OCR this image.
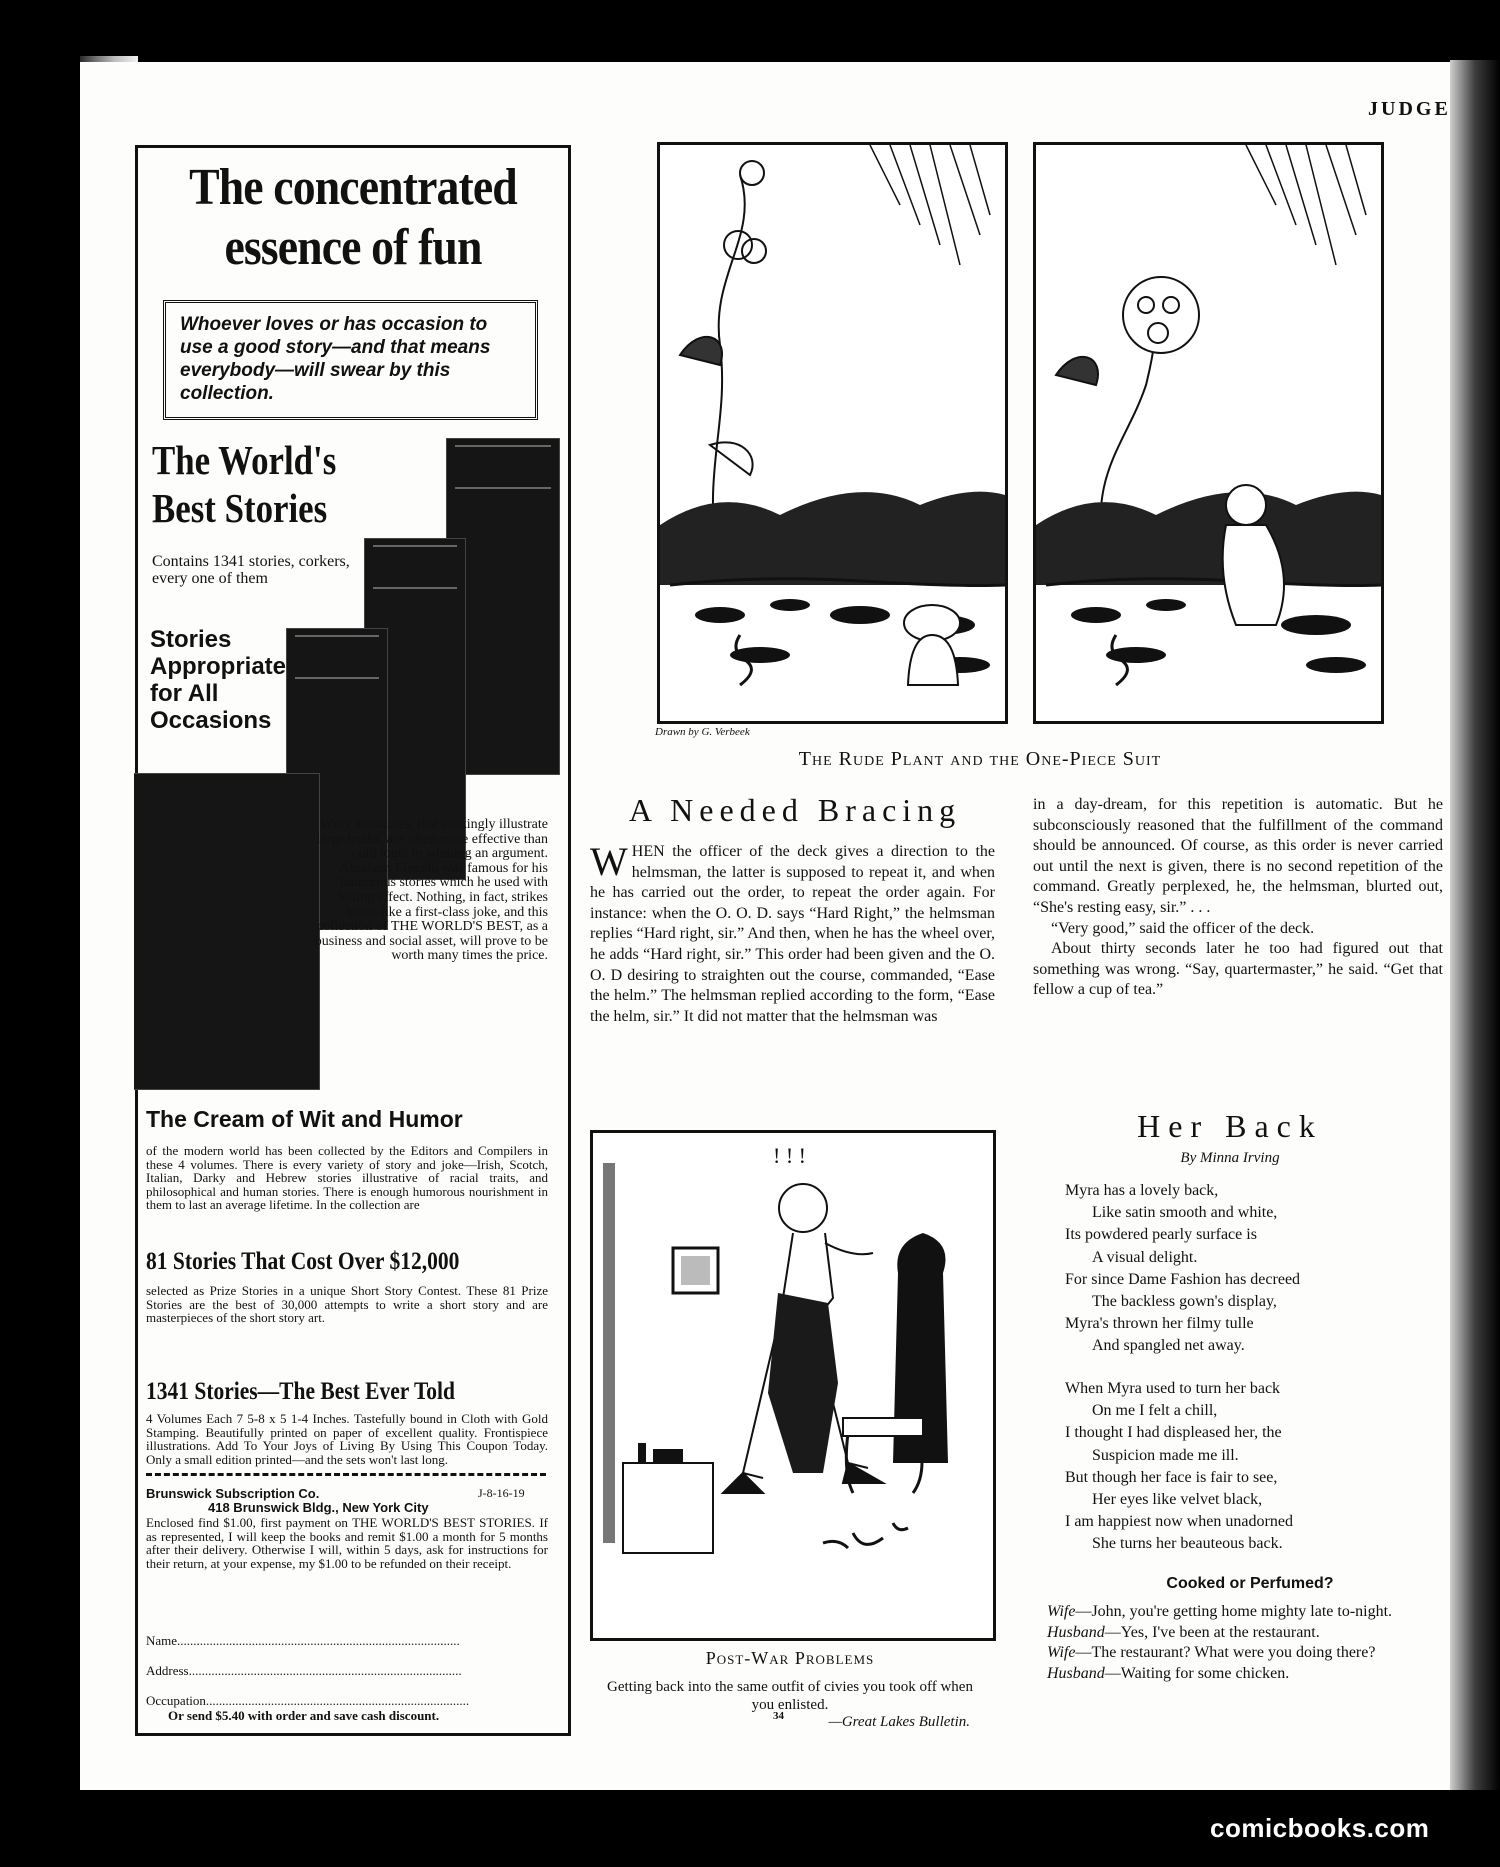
JUDGE
The concentrated
essence of fun
Whoever loves or has occasion to use a good story—and that means everybody—will swear by this collection.
The World's
Best Stories
Contains 1341 stories, corkers, every one of them
Stories Appropriate for All Occasions
Witty anecdotes, that strikingly illustrate large truths, are often more effective than cold logic in winning an argument. Abraham Lincoln was famous for his humorous stories which he used with telling effect. Nothing, in fact, strikes home like a first-class joke, and this collection of THE WORLD'S BEST, as a business and social asset, will prove to be worth many times the price.
The Cream of Wit and Humor
of the modern world has been collected by the Editors and Compilers in these 4 volumes. There is every variety of story and joke—Irish, Scotch, Italian, Darky and Hebrew stories illustrative of racial traits, and philosophical and human stories. There is enough humorous nourishment in them to last an average lifetime. In the collection are
81 Stories That Cost Over $12,000
selected as Prize Stories in a unique Short Story Contest. These 81 Prize Stories are the best of 30,000 attempts to write a short story and are masterpieces of the short story art.
1341 Stories—The Best Ever Told
4 Volumes Each 7 5-8 x 5 1-4 Inches. Tastefully bound in Cloth with Gold Stamping. Beautifully printed on paper of excellent quality. Frontispiece illustrations. Add To Your Joys of Living By Using This Coupon Today. Only a small edition printed—and the sets won't last long.
Brunswick Subscription Co.	J-8-16-19
418 Brunswick Bldg., New York City
Enclosed find $1.00, first payment on THE WORLD'S BEST STORIES. If as represented, I will keep the books and remit $1.00 a month for 5 months after their delivery. Otherwise I will, within 5 days, ask for instructions for their return, at your expense, my $1.00 to be refunded on their receipt.
Name.......................................................................................
Address....................................................................................
Occupation.................................................................................
Or send $5.40 with order and save cash discount.
Drawn by G. Verbeek
The Rude Plant and the One-Piece Suit
A Needed Bracing
WHEN the officer of the deck gives a direction to the helmsman, the latter is supposed to repeat it, and when he has carried out the order, to repeat the order again. For instance: when the O. O. D. says “Hard Right,” the helmsman replies “Hard right, sir.” And then, when he has the wheel over, he adds “Hard right, sir.” This order had been given and the O. O. D desiring to straighten out the course, commanded, “Ease the helm.” The helmsman replied according to the form, “Ease the helm, sir.” It did not matter that the helmsman was
in a day-dream, for this repetition is automatic. But he subconsciously reasoned that the fulfillment of the command should be announced. Of course, as this order is never carried out until the next is given, there is no second repetition of the command. Greatly perplexed, he, the helmsman, blurted out, “She's resting easy, sir.” . . .
“Very good,” said the officer of the deck.
About thirty seconds later he too had figured out that something was wrong. “Say, quartermaster,” he said. “Get that fellow a cup of tea.”
! ! !
Post-War Problems
Getting back into the same outfit of civies you took off when you enlisted.
—Great Lakes Bulletin.
Her Back
By Minna Irving
Myra has a lovely back,
Like satin smooth and white,
Its powdered pearly surface is
A visual delight.
For since Dame Fashion has decreed
The backless gown's display,
Myra's thrown her filmy tulle
And spangled net away.
When Myra used to turn her back
On me I felt a chill,
I thought I had displeased her, the
Suspicion made me ill.
But though her face is fair to see,
Her eyes like velvet black,
I am happiest now when unadorned
She turns her beauteous back.
Cooked or Perfumed?
Wife—John, you're getting home mighty late to-night.
Husband—Yes, I've been at the restaurant.
Wife—The restaurant? What were you doing there?
Husband—Waiting for some chicken.
34
comicbooks.com
